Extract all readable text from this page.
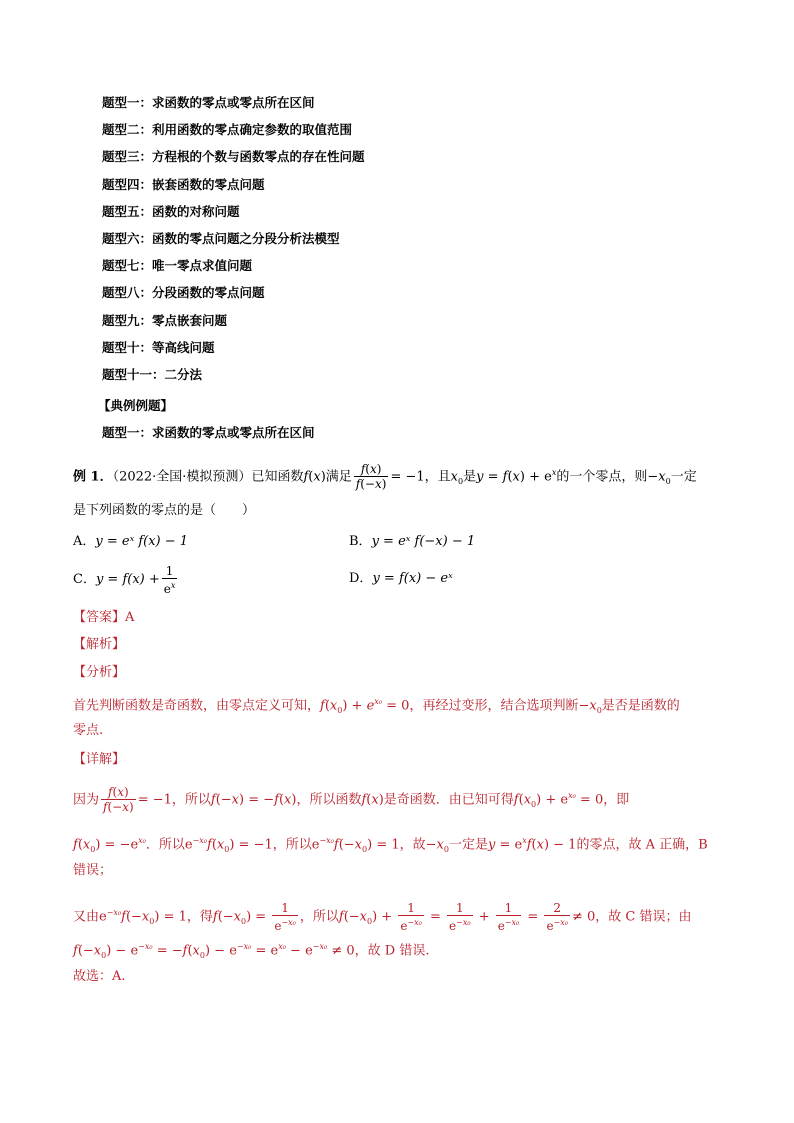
题型一：求函数的零点或零点所在区间
题型二：利用函数的零点确定参数的取值范围
题型三：方程根的个数与函数零点的存在性问题
题型四：嵌套函数的零点问题
题型五：函数的对称问题
题型六：函数的零点问题之分段分析法模型
题型七：唯一零点求值问题
题型八：分段函数的零点问题
题型九：零点嵌套问题
题型十：等高线问题
题型十一：二分法
【典例例题】
题型一：求函数的零点或零点所在区间
例 1．（2022·全国·模拟预测）已知函数f(x)满足 $\frac{f(x)}{f(-x)} = -1$，且$x_0$是$y = f(x) + e^x$的一个零点，则$-x_0$一定
是下列函数的零点的是（　　）
A．y = eˣ f(x) − 1	B．y = eˣ f(−x) − 1
C．$y = f(x) + \frac{1}{e^x}$	D．y = f(x) − eˣ
【答案】A
【解析】
【分析】
首先判断函数是奇函数，由零点定义可知，$f(x_0) + e^{x_0} = 0$，再经过变形，结合选项判断$-x_0$是否是函数的
零点.
【详解】
因为 $\frac{f(x)}{f(-x)} = -1$，所以f(−x) = −f(x)，所以函数f(x)是奇函数．由已知可得$f(x_0) + e^{x_0} = 0$，即
$f(x_0) = -e^{x_0}$．所以$e^{-x_0}f(x_0) = -1$，所以$e^{-x_0}f(-x_0) = 1$，故$-x_0$一定是$y = e^xf(x) - 1$的零点，故 A 正确，B
错误；
又由$e^{-x_0}f(-x_0) = 1$，得$f(-x_0) = \frac{1}{e^{-x_0}}$ ，所以$f(-x_0) + \frac{1}{e^{-x_0}} = \frac{1}{e^{-x_0}} + \frac{1}{e^{-x_0}} = \frac{2}{e^{-x_0}} \ne 0$，故 C 错误；由
$f(-x_0) - e^{-x_0} = -f(x_0) - e^{-x_0} = e^{x_0} - e^{-x_0} \ne 0$，故 D 错误.
故选：A.
